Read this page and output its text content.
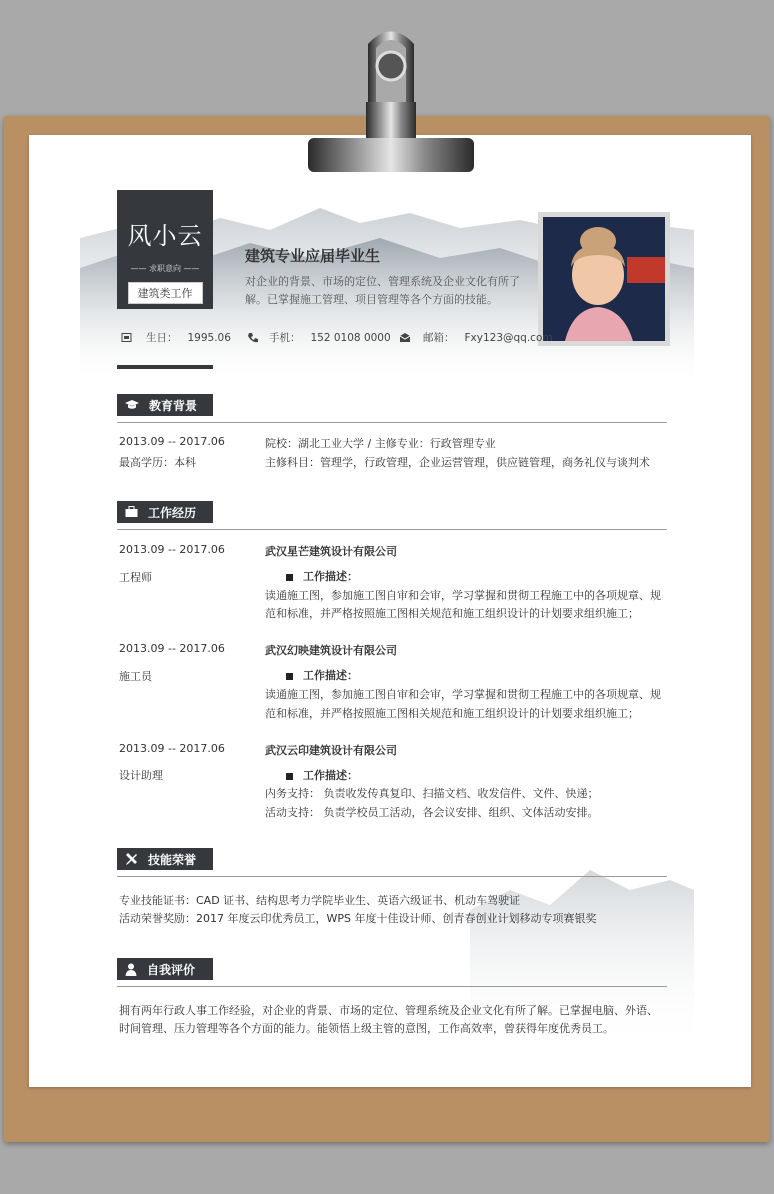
风小云
—— 求职意向 ——
建筑类工作
建筑专业应届毕业生
对企业的背景、市场的定位、管理系统及企业文化有所了解。已掌握施工管理、项目管理等各个方面的技能。
生日： 1995.06	手机： 152 0108 0000	邮箱： Fxy123@qq.com
教育背景
2013.09 -- 2017.06
最高学历：本科
院校：湖北工业大学 / 主修专业：行政管理专业
主修科目：管理学，行政管理，企业运营管理，供应链管理，商务礼仪与谈判术
工作经历
2013.09 -- 2017.06
工程师
武汉星芒建筑设计有限公司
工作描述：
读通施工图，参加施工图自审和会审，学习掌握和贯彻工程施工中的各项规章、规
范和标准，并严格按照施工图相关规范和施工组织设计的计划要求组织施工；
2013.09 -- 2017.06
施工员
武汉幻映建筑设计有限公司
工作描述：
读通施工图，参加施工图自审和会审，学习掌握和贯彻工程施工中的各项规章、规
范和标准，并严格按照施工图相关规范和施工组织设计的计划要求组织施工；
2013.09 -- 2017.06
设计助理
武汉云印建筑设计有限公司
工作描述：
内务支持： 负责收发传真复印、扫描文档、收发信件、文件、快递；
活动支持： 负责学校员工活动，各会议安排、组织、文体活动安排。
技能荣誉
专业技能证书：CAD 证书、结构思考力学院毕业生、英语六级证书、机动车驾驶证
活动荣誉奖励：2017 年度云印优秀员工，WPS 年度十佳设计师、创青春创业计划移动专项赛银奖
自我评价
拥有两年行政人事工作经验，对企业的背景、市场的定位、管理系统及企业文化有所了解。已掌握电脑、外语、
时间管理、压力管理等各个方面的能力。能领悟上级主管的意图，工作高效率，曾获得年度优秀员工。
